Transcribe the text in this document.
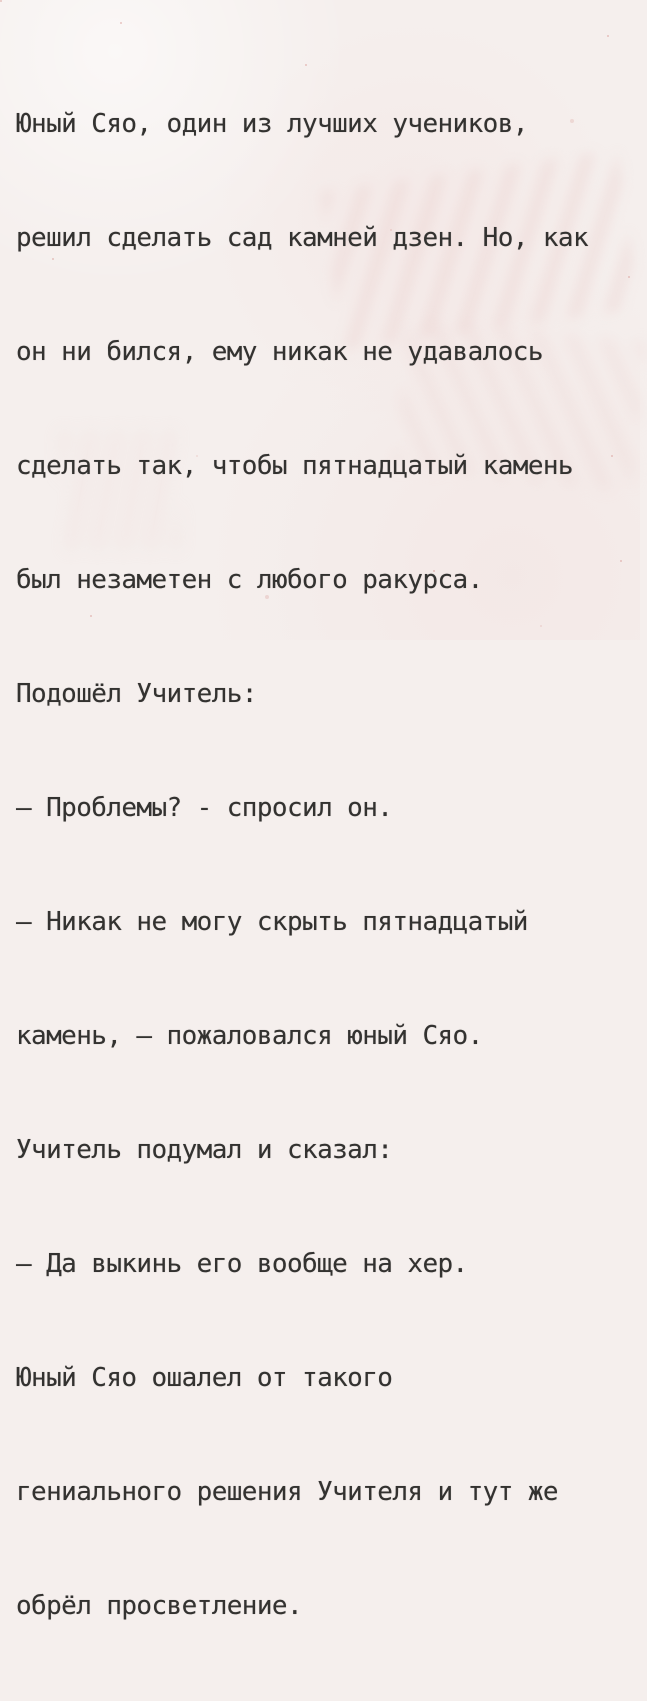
Юный Сяо, один из лучших учеников,

решил сделать сад камней дзен. Но, как

он ни бился, ему никак не удавалось

сделать так, чтобы пятнадцатый камень

был незаметен с любого ракурса.

Подошёл Учитель:

— Проблемы? - спросил он.

— Никак не могу скрыть пятнадцатый

камень, — пожаловался юный Сяо.

Учитель подумал и сказал:

— Да выкинь его вообще на хер.

Юный Сяо ошалел от такого

гениального решения Учителя и тут же

обрёл просветление.
